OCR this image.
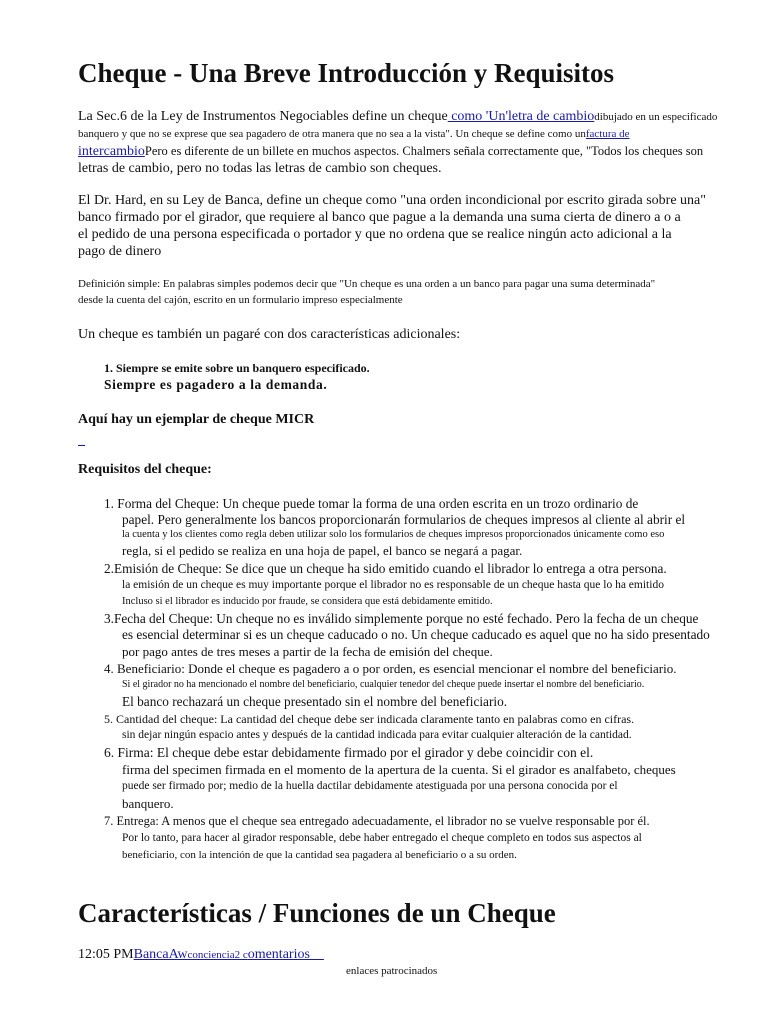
Cheque - Una Breve Introducción y Requisitos
La Sec.6 de la Ley de Instrumentos Negociables define un cheque como 'Un'letra de cambiodibujado en un especificado
banquero y que no se exprese que sea pagadero de otra manera que no sea a la vista". Un cheque se define como unfactura de
intercambioPero es diferente de un billete en muchos aspectos. Chalmers señala correctamente que, "Todos los cheques son
letras de cambio, pero no todas las letras de cambio son cheques.
El Dr. Hard, en su Ley de Banca, define un cheque como "una orden incondicional por escrito girada sobre una"
banco firmado por el girador, que requiere al banco que pague a la demanda una suma cierta de dinero a o a
el pedido de una persona especificada o portador y que no ordena que se realice ningún acto adicional a la
pago de dinero
Definición simple: En palabras simples podemos decir que "Un cheque es una orden a un banco para pagar una suma determinada"
desde la cuenta del cajón, escrito en un formulario impreso especialmente
Un cheque es también un pagaré con dos características adicionales:
1. Siempre se emite sobre un banquero especificado.
Siempre es pagadero a la demanda.
Aquí hay un ejemplar de cheque MICR
_
Requisitos del cheque:
1. Forma del Cheque: Un cheque puede tomar la forma de una orden escrita en un trozo ordinario de
papel. Pero generalmente los bancos proporcionarán formularios de cheques impresos al cliente al abrir el
la cuenta y los clientes como regla deben utilizar solo los formularios de cheques impresos proporcionados únicamente como eso
regla, si el pedido se realiza en una hoja de papel, el banco se negará a pagar.
2.Emisión de Cheque: Se dice que un cheque ha sido emitido cuando el librador lo entrega a otra persona.
la emisión de un cheque es muy importante porque el librador no es responsable de un cheque hasta que lo ha emitido
Incluso si el librador es inducido por fraude, se considera que está debidamente emitido.
3.Fecha del Cheque: Un cheque no es inválido simplemente porque no esté fechado. Pero la fecha de un cheque
es esencial determinar si es un cheque caducado o no. Un cheque caducado es aquel que no ha sido presentado
por pago antes de tres meses a partir de la fecha de emisión del cheque.
4. Beneficiario: Donde el cheque es pagadero a o por orden, es esencial mencionar el nombre del beneficiario.
Si el girador no ha mencionado el nombre del beneficiario, cualquier tenedor del cheque puede insertar el nombre del beneficiario.
El banco rechazará un cheque presentado sin el nombre del beneficiario.
5. Cantidad del cheque: La cantidad del cheque debe ser indicada claramente tanto en palabras como en cifras.
sin dejar ningún espacio antes y después de la cantidad indicada para evitar cualquier alteración de la cantidad.
6. Firma: El cheque debe estar debidamente firmado por el girador y debe coincidir con el.
firma del specimen firmada en el momento de la apertura de la cuenta. Si el girador es analfabeto, cheques
puede ser firmado por; medio de la huella dactilar debidamente atestiguada por una persona conocida por el
banquero.
7. Entrega: A menos que el cheque sea entregado adecuadamente, el librador no se vuelve responsable por él.
Por lo tanto, para hacer al girador responsable, debe haber entregado el cheque completo en todos sus aspectos al
beneficiario, con la intención de que la cantidad sea pagadera al beneficiario o a su orden.
Características / Funciones de un Cheque
12:05 PMBancaAwconciencia2 comentarios
enlaces patrocinados
